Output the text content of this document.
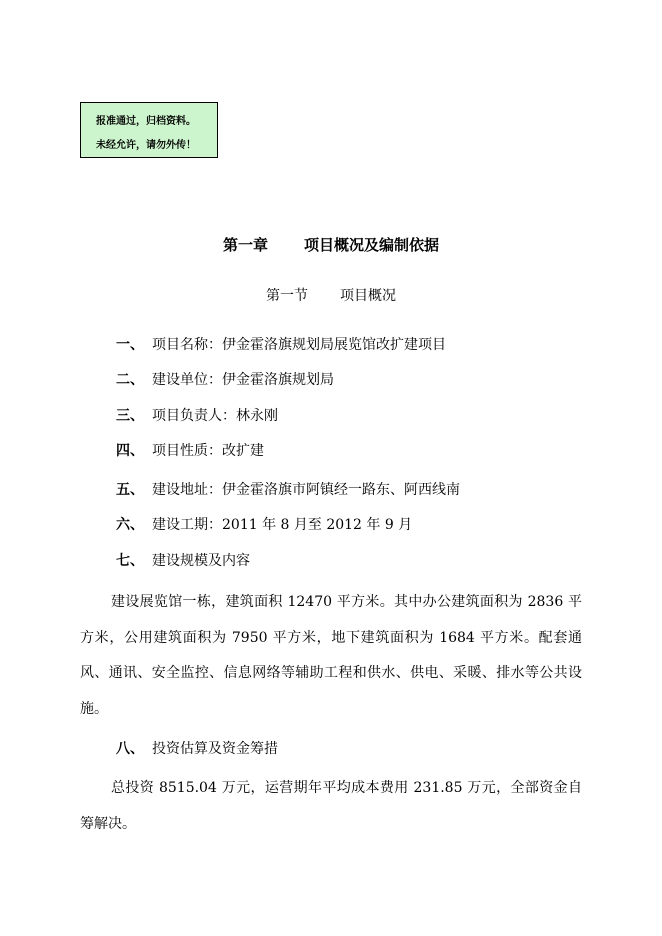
报准通过，归档资料。
未经允许，请勿外传！
第一章 项目概况及编制依据
第一节 项目概况
一、 项目名称：伊金霍洛旗规划局展览馆改扩建项目
二、 建设单位：伊金霍洛旗规划局
三、 项目负责人：林永刚
四、 项目性质：改扩建
五、 建设地址：伊金霍洛旗市阿镇经一路东、阿西线南
六、 建设工期：2011 年 8 月至 2012 年 9 月
七、 建设规模及内容

建设展览馆一栋，建筑面积 12470 平方米。其中办公建筑面积为 2836 平方米，公用建筑面积为 7950 平方米，地下建筑面积为 1684 平方米。配套通风、通讯、安全监控、信息网络等辅助工程和供水、供电、采暖、排水等公共设施。

八、 投资估算及资金筹措

总投资 8515.04 万元，运营期年平均成本费用 231.85 万元，全部资金自筹解决。
